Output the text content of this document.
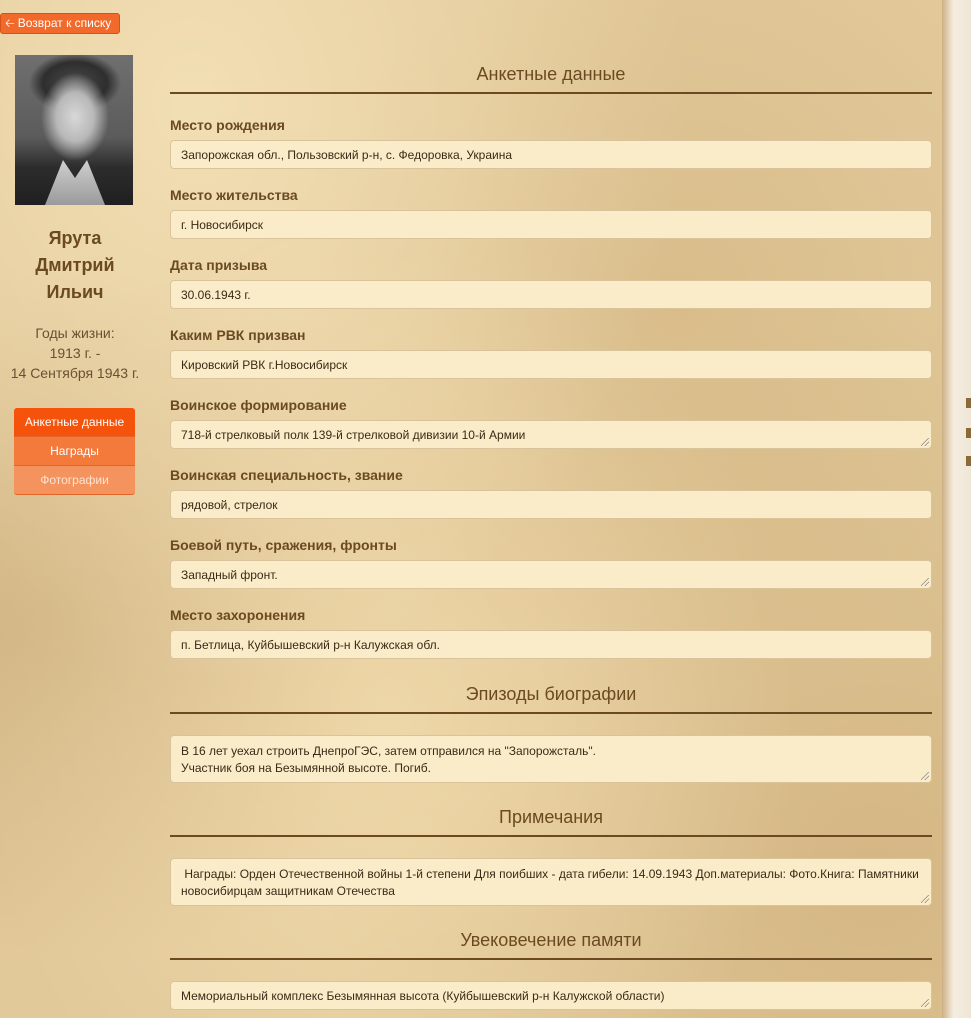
🡠 Возврат к списку
Ярута
Дмитрий
Ильич
Годы жизни:
1913 г. -
14 Сентября 1943 г.
Анкетные данные
Награды
Фотографии
Анкетные данные
Место рождения
Запорожская обл., Пользовский р-н, с. Федоровка, Украина
Место жительства
г. Новосибирск
Дата призыва
30.06.1943 г.
Каким РВК призван
Кировский РВК г.Новосибирск
Воинское формирование
718-й стрелковый полк 139-й стрелковой дивизии 10-й Армии
Воинская специальность, звание
рядовой, стрелок
Боевой путь, сражения, фронты
Западный фронт.
Место захоронения
п. Бетлица, Куйбышевский р-н Калужская обл.
Эпизоды биографии
В 16 лет уехал строить ДнепроГЭС, затем отправился на "Запорожсталь".
Участник боя на Безымянной высоте. Погиб.
Примечания
Награды: Орден Отечественной войны 1-й степени Для поибших - дата гибели: 14.09.1943 Доп.материалы: Фото.Книга: Памятники
новосибирцам защитникам Отечества
Увековечение памяти
Мемориальный комплекс Безымянная высота (Куйбышевский р-н Калужской области)
